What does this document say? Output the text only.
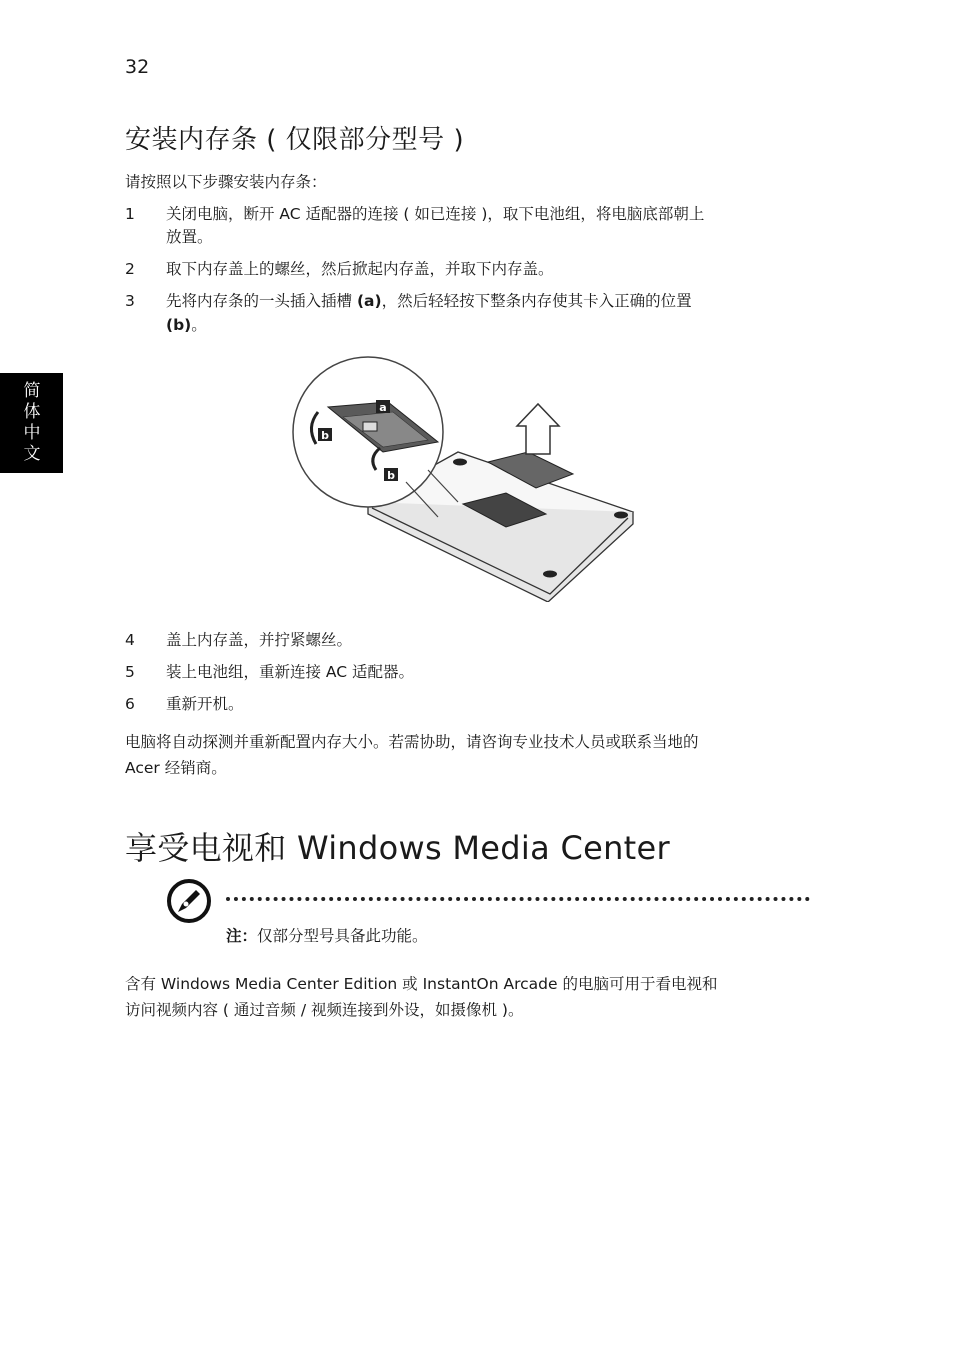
32
简
体
中
文
安装内存条 ( 仅限部分型号 )
请按照以下步骤安装内存条：
1 关闭电脑，断开 AC 适配器的连接 ( 如已连接 )，取下电池组，将电脑底部朝上
放置。
2 取下内存盖上的螺丝，然后掀起内存盖，并取下内存盖。
3 先将内存条的一头插入插槽 (a)，然后轻轻按下整条内存使其卡入正确的位置
(b)。
a
b
b
4 盖上内存盖，并拧紧螺丝。
5 装上电池组，重新连接 AC 适配器。
6 重新开机。
电脑将自动探测并重新配置内存大小。若需协助，请咨询专业技术人员或联系当地的
Acer 经销商。
享受电视和 Windows Media Center
注：仅部分型号具备此功能。
含有 Windows Media Center Edition 或 InstantOn Arcade 的电脑可用于看电视和
访问视频内容 ( 通过音频 / 视频连接到外设，如摄像机 )。
